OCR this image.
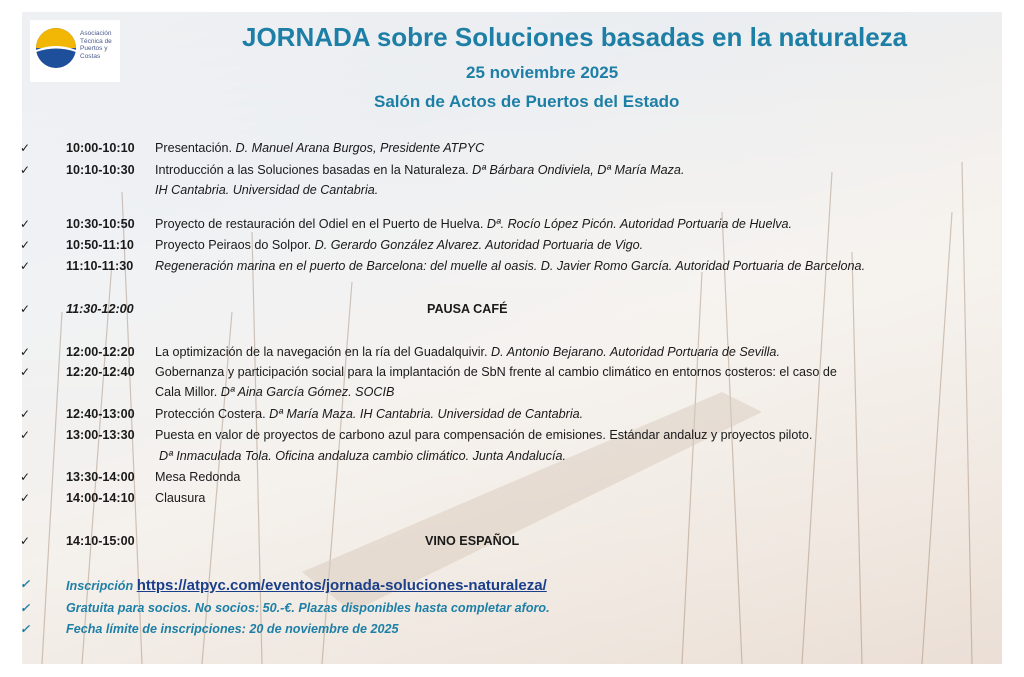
Asociación Técnica de Puertos y Costas
JORNADA sobre Soluciones basadas en la naturaleza
25 noviembre 2025
Salón de Actos de Puertos del Estado
✓	10:00-10:10 Presentación. D. Manuel Arana Burgos, Presidente ATPYC
✓	10:10-10:30 Introducción a las Soluciones basadas en la Naturaleza. Dª Bárbara Ondiviela, Dª María Maza.
IH Cantabria. Universidad de Cantabria.
✓	10:30-10:50 Proyecto de restauración del Odiel en el Puerto de Huelva. Dª. Rocío López Picón. Autoridad Portuaria de Huelva.
✓	10:50-11:10 Proyecto Peiraos do Solpor. D. Gerardo González Alvarez. Autoridad Portuaria de Vigo.
✓	11:10-11:30 Regeneración marina en el puerto de Barcelona: del muelle al oasis. D. Javier Romo García. Autoridad Portuaria de Barcelona.
✓	11:30-12:00	PAUSA CAFÉ
✓	12:00-12:20 La optimización de la navegación en la ría del Guadalquivir. D. Antonio Bejarano. Autoridad Portuaria de Sevilla.
✓	12:20-12:40 Gobernanza y participación social para la implantación de SbN frente al cambio climático en entornos costeros: el caso de
Cala Millor. Dª Aina García Gómez. SOCIB
✓	12:40-13:00 Protección Costera. Dª María Maza. IH Cantabria. Universidad de Cantabria.
✓	13:00-13:30 Puesta en valor de proyectos de carbono azul para compensación de emisiones. Estándar andaluz y proyectos piloto.
Dª Inmaculada Tola. Oficina andaluza cambio climático. Junta Andalucía.
✓	13:30-14:00 Mesa Redonda
✓	14:00-14:10 Clausura
✓	14:10-15:00	VINO ESPAÑOL
✓	Inscripción https://atpyc.com/eventos/jornada-soluciones-naturaleza/
✓	Gratuita para socios. No socios: 50.-€. Plazas disponibles hasta completar aforo.
✓	Fecha límite de inscripciones: 20 de noviembre de 2025
